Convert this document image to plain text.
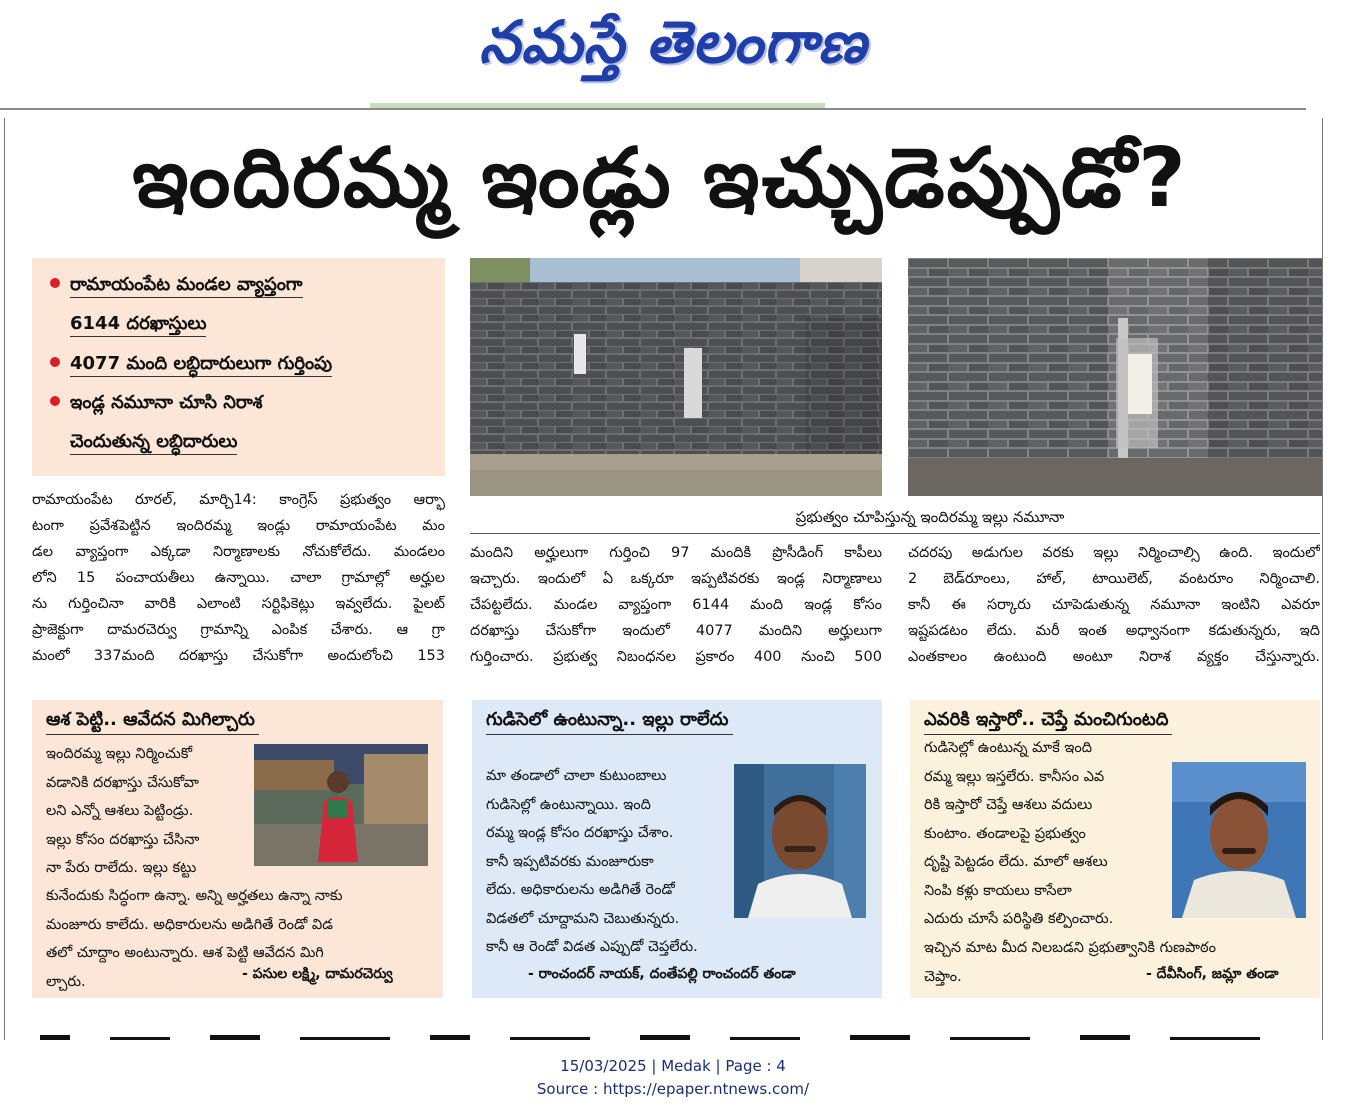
నమస్తే తెలంగాణ
ఇందిరమ్మ ఇండ్లు ఇచ్చుడెప్పుడో?
రామాయంపేట మండల వ్యాప్తంగా
6144 దరఖాస్తులు
4077 మంది లబ్ధిదారులుగా గుర్తింపు
ఇండ్ల నమూనా చూసి నిరాశ
చెందుతున్న లబ్ధిదారులు
ప్రభుత్వం చూపిస్తున్న ఇందిరమ్మ ఇల్లు నమూనా
రామాయంపేట రూరల్, మార్చి14: కాంగ్రెస్ ప్రభుత్వం ఆర్భా
టంగా ప్రవేశపెట్టిన ఇందిరమ్మ ఇండ్లు రామాయంపేట మం
డల వ్యాప్తంగా ఎక్కడా నిర్మాణాలకు నోచుకోలేదు. మండలం
లోని 15 పంచాయతీలు ఉన్నాయి. చాలా గ్రామాల్లో అర్హుల
ను గుర్తించినా వారికి ఎలాంటి సర్టిఫికెట్లు ఇవ్వలేదు. పైలట్
ప్రాజెక్టుగా దామరచెర్వు గ్రామాన్ని ఎంపిక చేశారు. ఆ గ్రా
మంలో 337మంది దరఖాస్తు చేసుకోగా అందులోంచి 153
మందిని అర్హులుగా గుర్తించి 97 మందికి ప్రొసీడింగ్ కాపీలు
ఇచ్చారు. ఇందులో ఏ ఒక్కరూ ఇప్పటివరకు ఇండ్ల నిర్మాణాలు
చేపట్టలేదు. మండల వ్యాప్తంగా 6144 మంది ఇండ్ల కోసం
దరఖాస్తు చేసుకోగా ఇందులో 4077 మందిని అర్హులుగా
గుర్తించారు. ప్రభుత్వ నిబంధనల ప్రకారం 400 నుంచి 500
చదరపు అడుగుల వరకు ఇల్లు నిర్మించాల్సి ఉంది. ఇందులో
2 బెడ్‌రూంలు, హాల్, టాయిలెట్, వంటరూం నిర్మించాలి.
కానీ ఈ సర్కారు చూపెడుతున్న నమూనా ఇంటిని ఎవరూ
ఇష్టపడటం లేదు. మరీ ఇంత అధ్వానంగా కడుతున్నరు, ఇది
ఎంతకాలం ఉంటుంది అంటూ నిరాశ వ్యక్తం చేస్తున్నారు.
ఆశ పెట్టి.. ఆవేదన మిగిల్చారు
ఇందిరమ్మ ఇల్లు నిర్మించుకో
వడానికి దరఖాస్తు చేసుకోవా
లని ఎన్నో ఆశలు పెట్టిండ్రు.
ఇల్లు కోసం దరఖాస్తు చేసినా
నా పేరు రాలేదు. ఇల్లు కట్టు
కునేందుకు సిద్ధంగా ఉన్నా. అన్ని అర్హతలు ఉన్నా నాకు
మంజూరు కాలేదు. అధికారులను అడిగితే రెండో విడ
తలో చూద్దాం అంటున్నారు. ఆశ పెట్టి ఆవేదన మిగి
ల్చారు.	- పసుల లక్ష్మి, దామరచెర్వు
గుడిసెలో ఉంటున్నా.. ఇల్లు రాలేదు
మా తండాలో చాలా కుటుంబాలు
గుడిసెల్లో ఉంటున్నాయి. ఇంది
రమ్మ ఇండ్ల కోసం దరఖాస్తు చేశాం.
కానీ ఇప్పటివరకు మంజూరుకా
లేదు. అధికారులను అడిగితే రెండో
విడతలో చూద్దామని చెబుతున్నరు.
కానీ ఆ రెండో విడత ఎప్పుడో చెప్తలేరు.
- రాంచందర్ నాయక్, దంతేపల్లి రాంచందర్ తండా
ఎవరికి ఇస్తారో.. చెప్తే మంచిగుంటది
గుడిసెల్లో ఉంటున్న మాకే ఇంది
రమ్మ ఇల్లు ఇస్తలేరు. కానీసం ఎవ
రికి ఇస్తారో చెప్తే ఆశలు వదులు
కుంటాం. తండాలపై ప్రభుత్వం
దృష్టి పెట్టడం లేదు. మాలో ఆశలు
నింపి కళ్లు కాయలు కాసేలా
ఎదురు చూసే పరిస్థితి కల్పించారు.
ఇచ్చిన మాట మీద నిలబడని ప్రభుత్వానికి గుణపాఠం
చెప్తాం.	- దేవీసింగ్, జమ్లా తండా
15/03/2025 | Medak | Page : 4
Source : https://epaper.ntnews.com/
